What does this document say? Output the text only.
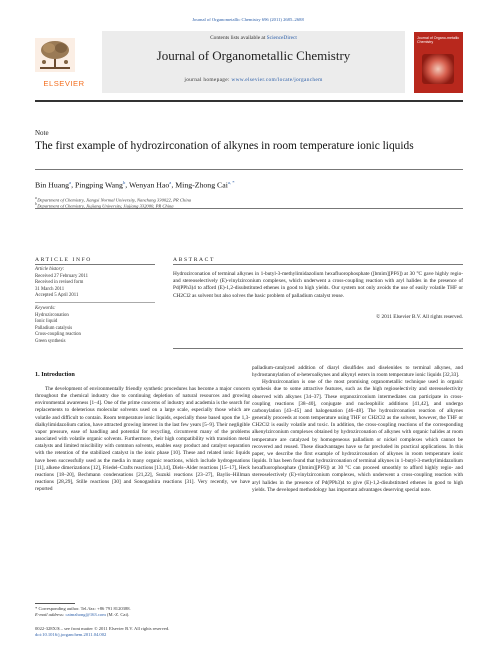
Journal of Organometallic Chemistry 696 (2011) 2685–2688
ELSEVIER
Contents lists available at ScienceDirect
Journal of Organometallic Chemistry
journal homepage: www.elsevier.com/locate/jorganchem
Journal of Organo-metallic Chemistry
Note
The first example of hydrozirconation of alkynes in room temperature ionic liquids
Bin Huang$^a$, Pingping Wang$^b$, Wenyan Hao$^a$, Ming-Zhong Cai$^{a, *}$
$^a$ Department of Chemistry, Jiangxi Normal University, Nanchang 330022, PR China
$^b$ Department of Chemistry, Jiujiang University, Jiujiang 332000, PR China
ARTICLE INFO	ABSTRACT
Article history:
Received 27 February 2011
Received in revised form
31 March 2011
Accepted 5 April 2011
Keywords:
Hydrozirconation
Ionic liquid
Palladium catalysis
Cross-coupling reaction
Green synthesis
Hydrozirconation of terminal alkynes in 1-butyl-3-methylimidazolium hexafluorophosphate ([bmim][PF6]) at 30 °C gave highly regio- and stereoselectively (E)-vinylzirconium complexes, which underwent a cross-coupling reaction with aryl halides in the presence of Pd(PPh3)4 to afford (E)-1,2-disubstituted ethenes in good to high yields. Our system not only avoids the use of easily volatile THF or CH2Cl2 as solvent but also solves the basic problem of palladium catalyst reuse.
© 2011 Elsevier B.V. All rights reserved.
1. Introduction

The development of environmentally friendly synthetic procedures has become a major concern throughout the chemical industry due to continuing depletion of natural resources and growing environmental awareness [1–4]. One of the prime concerns of industry and academia is the search for replacements to deleterious molecular solvents used on a large scale, especially those which are volatile and difficult to contain. Room temperature ionic liquids, especially those based upon the 1,3-dialkylimidazolium cation, have attracted growing interest in the last few years [5–9]. Their negligible vapor pressure, ease of handling and potential for recycling, circumvent many of the problems associated with volatile organic solvents. Furthermore, their high compatibility with transition metal catalysts and limited miscibility with common solvents, enables easy product and catalyst separation with the retention of the stabilized catalyst in the ionic phase [10]. These and related ionic liquids have been successfully used as the media in many organic reactions, which include hydrogenations [11], alkene dimerizations [12], Friedel–Crafts reactions [13,14], Diels–Alder reactions [15–17], Heck reactions [18–20], Bechmann condensations [21,22], Suzuki reactions [23–27], Baylis–Hillman reactions [28,29], Stille reactions [30] and Sonogashira reactions [31]. Very recently, we have reported

palladium-catalyzed addition of diaryl disulfides and diselenides to terminal alkynes, and hydrostannylation of α-heteroalkynes and alkynyl esters in room temperature ionic liquids [32,33].

Hydrozirconation is one of the most promising organometallic technique used in organic synthesis due to some attractive features, such as the high regioselectivity and stereoselectivity observed with alkynes [34–37]. These organozirconium intermediates can participate in cross-coupling reactions [38–40], conjugate and nucleophilic additions [41,42], and undergo carbonylation [43–45] and halogenation [46–48]. The hydrozirconation reaction of alkynes generally proceeds at room temperature using THF or CH2Cl2 as the solvent, however, the THF or CH2Cl2 is easily volatile and toxic. In addition, the cross-coupling reactions of the corresponding alkenylzirconium complexes obtained by hydrozirconation of alkynes with organic halides at room temperature are catalyzed by homogeneous palladium or nickel complexes which cannot be recovered and reused. These disadvantages have so far precluded its practical applications. In this paper, we describe the first example of hydrozirconation of alkynes in room temperature ionic liquids. It has been found that hydrozirconation of terminal alkynes in 1-butyl-3-methylimidazolium hexafluorophosphate ([bmim][PF6]) at 30 °C can proceed smoothly to afford highly regio- and stereoselectively (E)-vinylzirconium complexes, which underwent a cross-coupling reaction with aryl halides in the presence of Pd(PPh3)4 to give (E)-1,2-disubstituted ethenes in good to high yields. The developed methodology has important advantages deserving special note.

* Corresponding author. Tel./fax: +86 791 8120388.
E-mail address: caimzhong@163.com (M.-Z. Cai).
0022-328X/$ – see front matter © 2011 Elsevier B.V. All rights reserved.
doi:10.1016/j.jorganchem.2011.04.002
